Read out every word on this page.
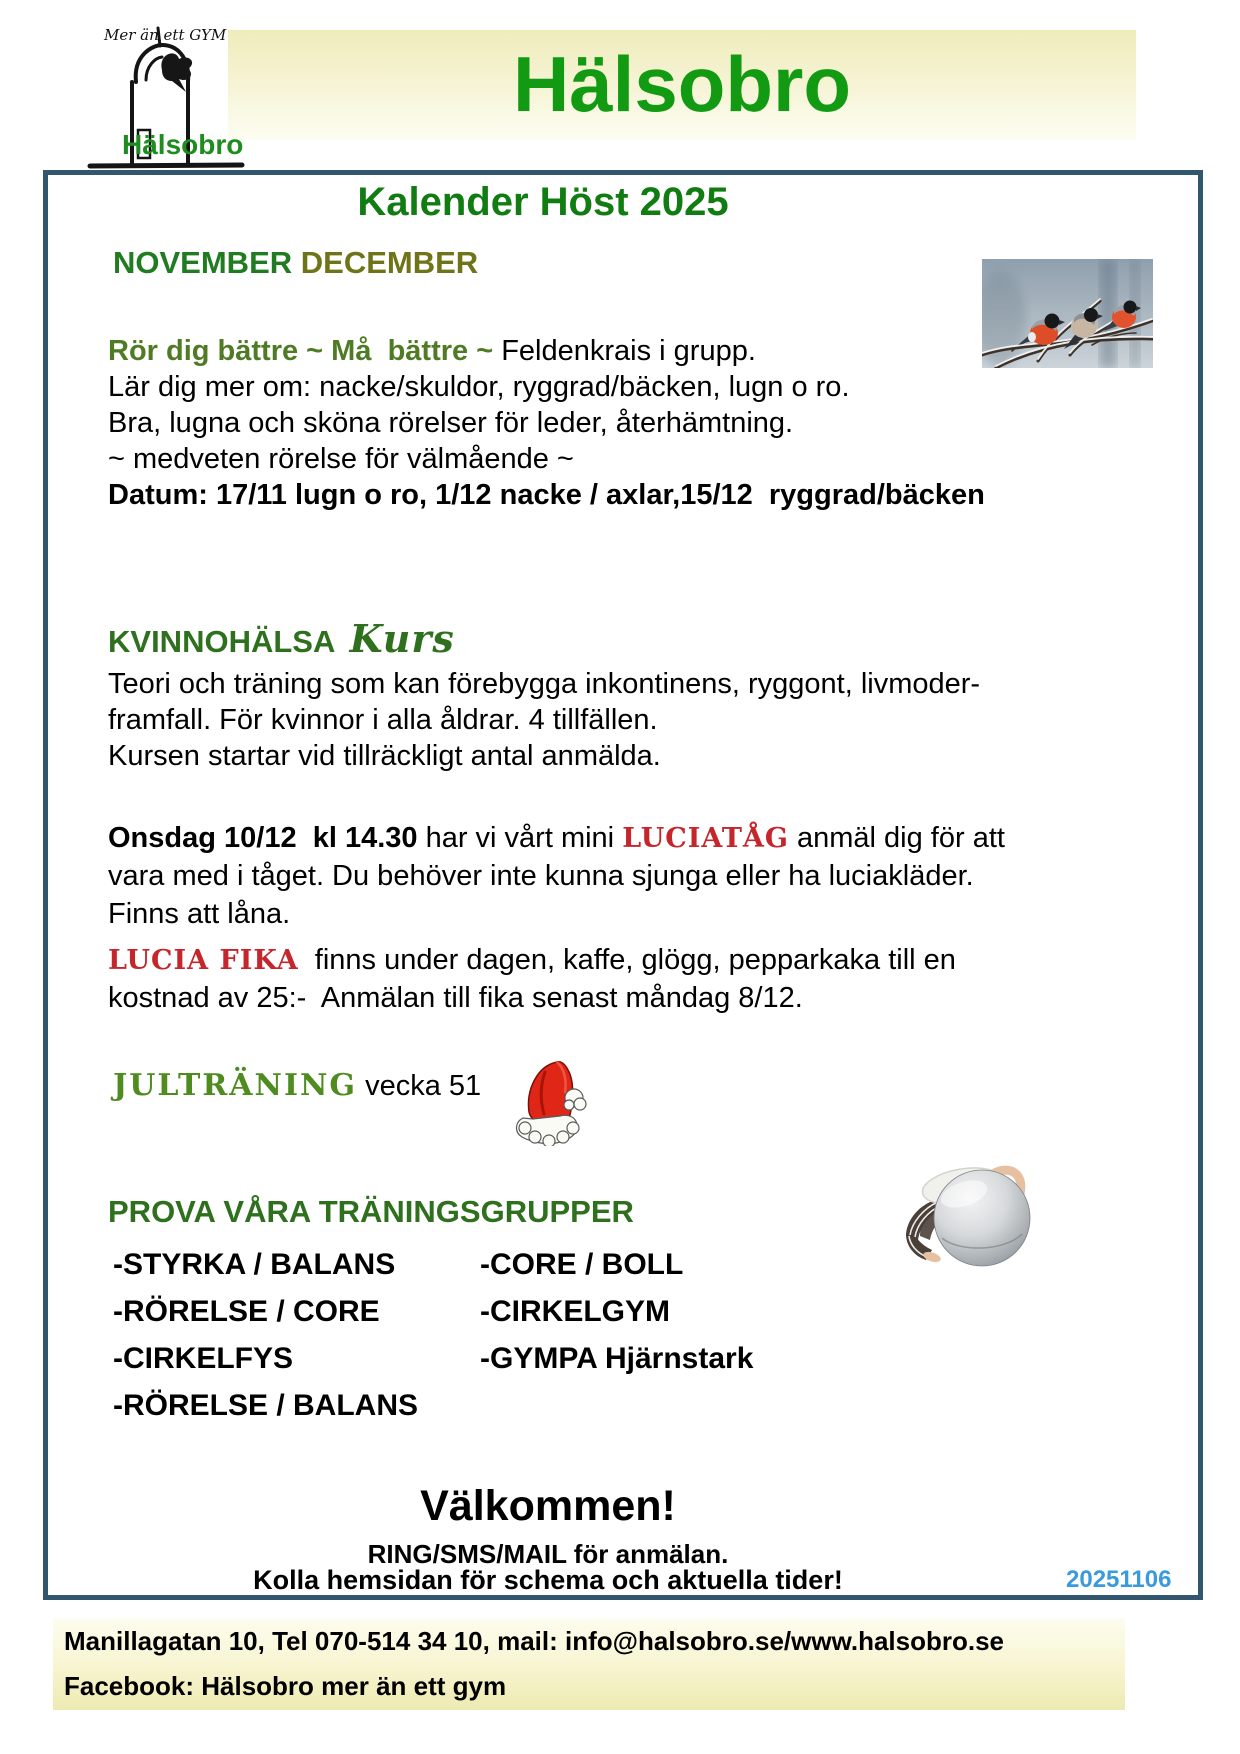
Hälsobro

Mer än ett GYM
Hälsobro

Kalender Höst 2025
NOVEMBER DECEMBER

Rör dig bättre ~ Må  bättre ~ Feldenkrais i grupp.
Lär dig mer om: nacke/skuldor, ryggrad/bäcken, lugn o ro.
Bra, lugna och sköna rörelser för leder, återhämtning.
~ medveten rörelse för välmående ~
Datum: 17/11 lugn o ro, 1/12 nacke / axlar,15/12  ryggrad/bäcken
KVINNOHÄLSA Kurs
Teori och träning som kan förebygga inkontinens, ryggont, livmoder-
framfall. För kvinnor i alla åldrar. 4 tillfällen.
Kursen startar vid tillräckligt antal anmälda.
Onsdag 10/12  kl 14.30 har vi vårt mini LUCIATÅG anmäl dig för att
vara med i tåget. Du behöver inte kunna sjunga eller ha luciakläder.
Finns att låna.
LUCIA FIKA  finns under dagen, kaffe, glögg, pepparkaka till en
kostnad av 25:-  Anmälan till fika senast måndag 8/12.
JULTRÄNING vecka 51

PROVA VÅRA TRÄNINGSGRUPPER
-STYRKA / BALANS
-RÖRELSE / CORE
-CIRKELFYS
-RÖRELSE / BALANS
-CORE / BOLL
-CIRKELGYM
-GYMPA Hjärnstark
Välkommen!
RING/SMS/MAIL för anmälan.
Kolla hemsidan för schema och aktuella tider!	20251106
Manillagatan 10, Tel 070-514 34 10, mail: info@halsobro.se/www.halsobro.se
Facebook: Hälsobro mer än ett gym
